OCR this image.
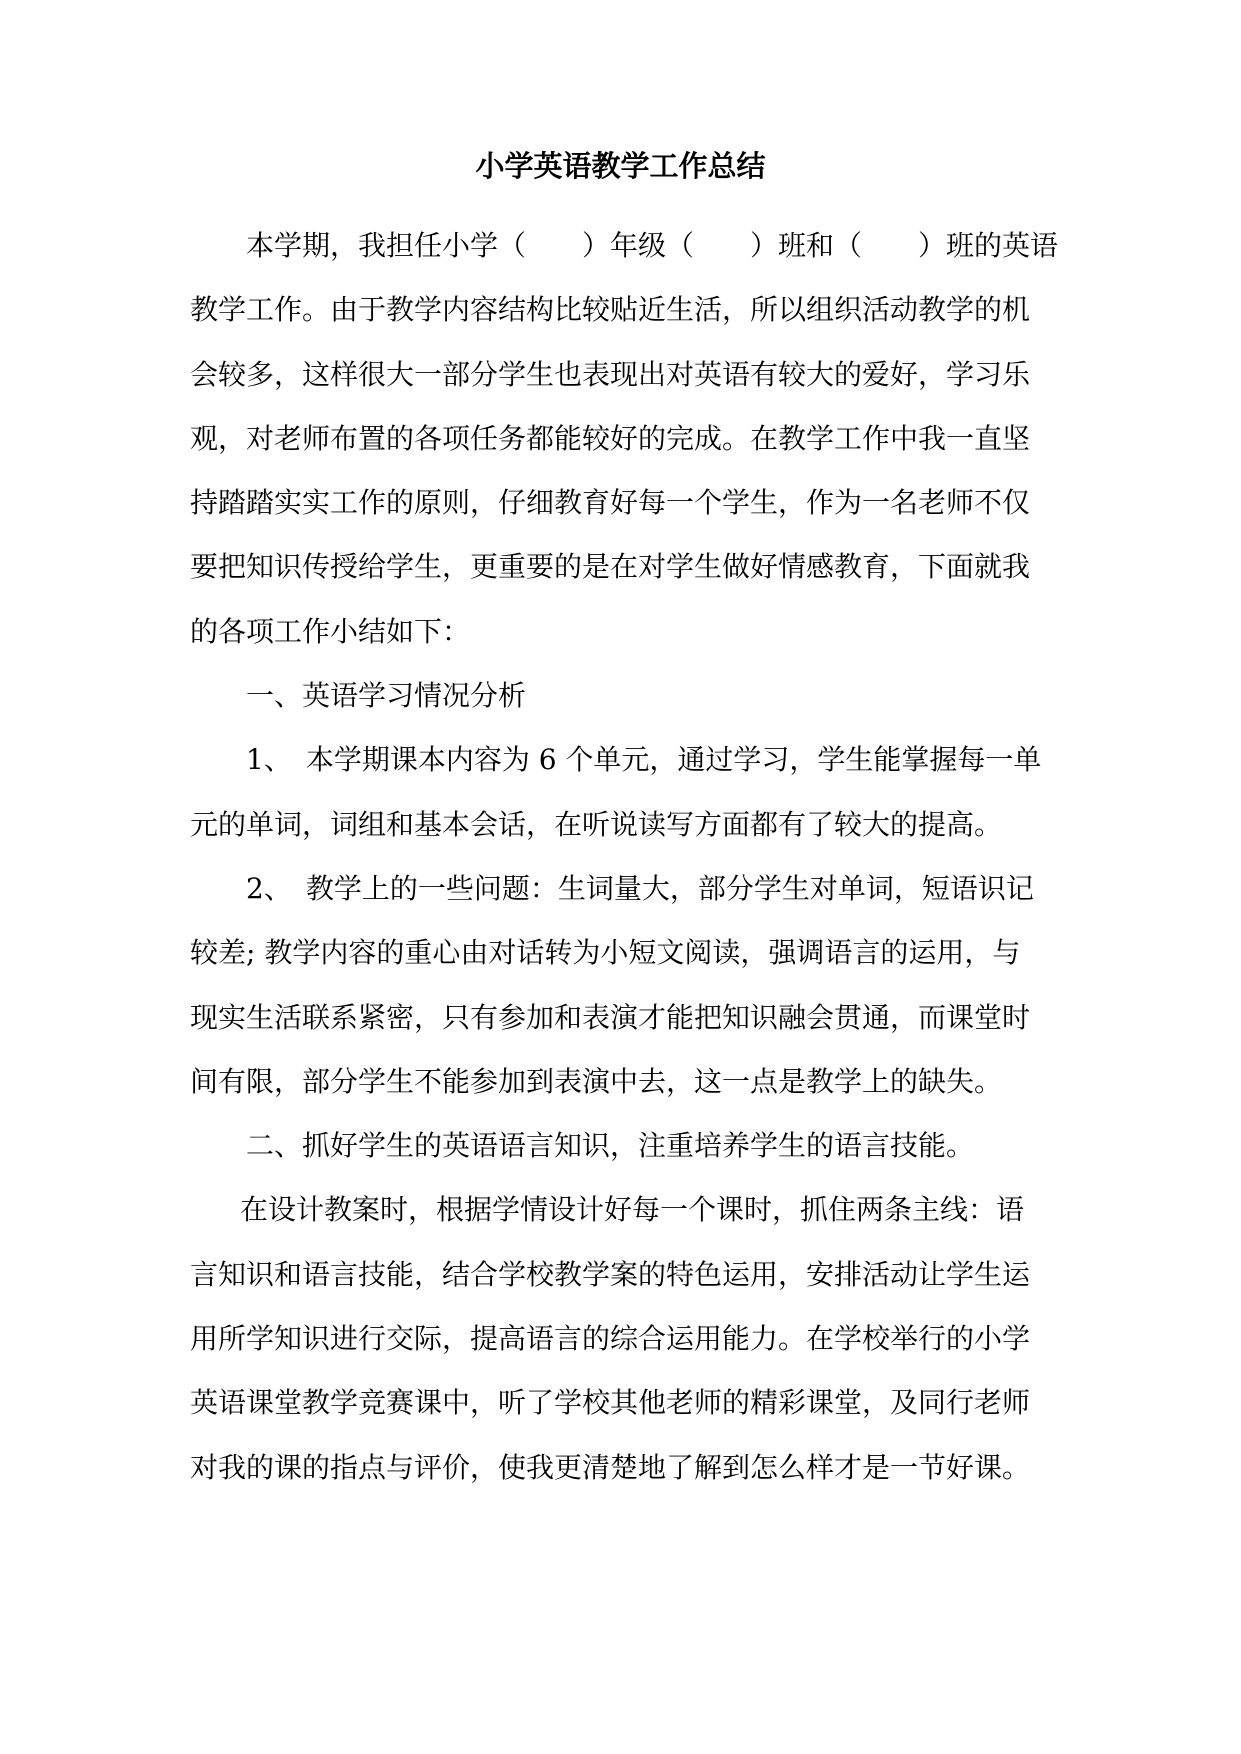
小学英语教学工作总结
本学期，我担任小学（　　）年级（　　）班和（　　）班的英语
教学工作。由于教学内容结构比较贴近生活，所以组织活动教学的机
会较多，这样很大一部分学生也表现出对英语有较大的爱好，学习乐
观，对老师布置的各项任务都能较好的完成。在教学工作中我一直坚
持踏踏实实工作的原则，仔细教育好每一个学生，作为一名老师不仅
要把知识传授给学生，更重要的是在对学生做好情感教育，下面就我
的各项工作小结如下：
一、英语学习情况分析
1、　本学期课本内容为 6 个单元，通过学习，学生能掌握每一单
元的单词，词组和基本会话，在听说读写方面都有了较大的提高。
2、　教学上的一些问题：生词量大，部分学生对单词，短语识记
较差; 教学内容的重心由对话转为小短文阅读，强调语言的运用，与
现实生活联系紧密，只有参加和表演才能把知识融会贯通，而课堂时
间有限，部分学生不能参加到表演中去，这一点是教学上的缺失。
二、抓好学生的英语语言知识，注重培养学生的语言技能。
在设计教案时，根据学情设计好每一个课时，抓住两条主线：语
言知识和语言技能，结合学校教学案的特色运用，安排活动让学生运
用所学知识进行交际，提高语言的综合运用能力。在学校举行的小学
英语课堂教学竞赛课中，听了学校其他老师的精彩课堂，及同行老师
对我的课的指点与评价，使我更清楚地了解到怎么样才是一节好课。
